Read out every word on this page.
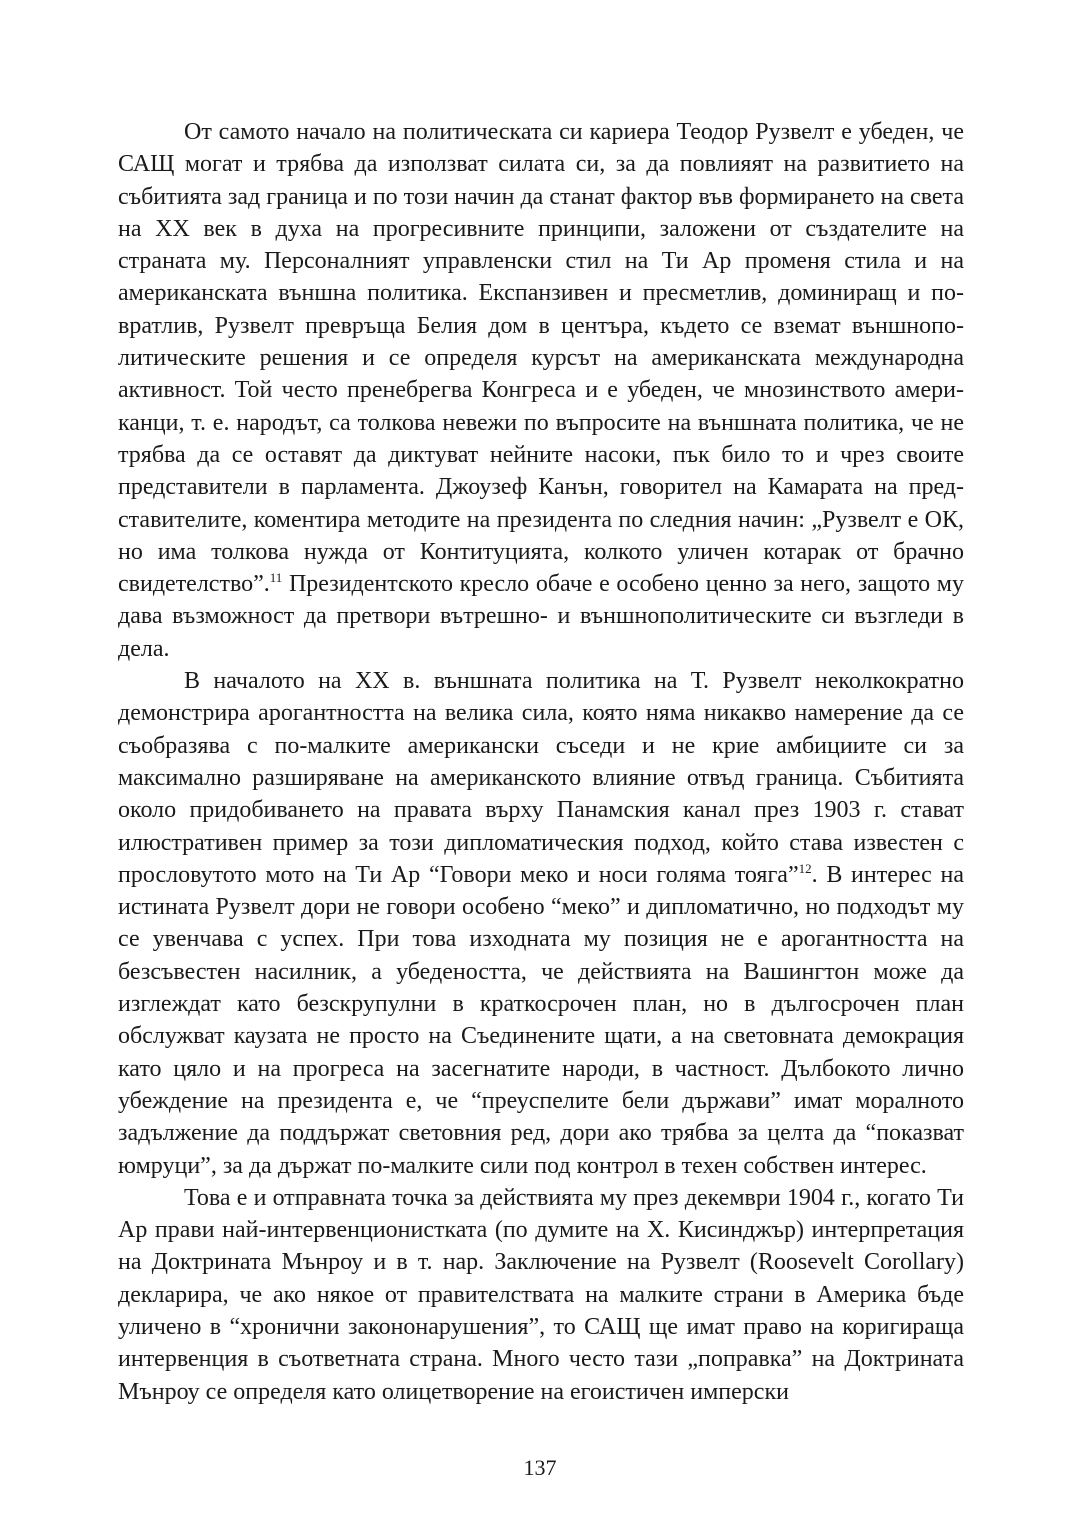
От самото начало на политическата си кариера Теодор Рузвелт е убеден, че САЩ могат и трябва да използват силата си, за да повлияят на развитието на събитията зад граница и по този начин да станат фактор във формирането на света на XX век в духа на прогресивните принципи, заложени от създателите на страната му. Персоналният управленски стил на Ти Ар променя стила и на американската външна политика. Експанзивен и пресметлив, доминиращ и повратлив, Рузвелт превръща Белия дом в центъра, където се вземат външнополитическите решения и се определя курсът на американската международна активност. Той често пренебрегва Конгреса и е убеден, че мнозинството американци, т. е. народът, са толкова невежи по въпросите на външната политика, че не трябва да се оставят да диктуват нейните насоки, пък било то и чрез своите представители в парламента. Джоузеф Канън, говорител на Камарата на представителите, коментира методите на президента по следния начин: „Рузвелт е ОК, но има толкова нужда от Контитуцията, колкото уличен котарак от брачно свидетелство”.$^{11}$ Президентското кресло обаче е особено ценно за него, защото му дава възможност да претвори вътрешно- и външнополитическите си възгледи в дела.

В началото на XX в. външната политика на Т. Рузвелт неколкократно демонстрира арогантността на велика сила, която няма никакво намерение да се съобразява с по-малките американски съседи и не крие амбициите си за максимално разширяване на американското влияние отвъд граница. Събитията около придобиването на правата върху Панамския канал през 1903 г. стават илюстративен пример за този дипломатическия подход, който става известен с прословутото мото на Ти Ар “Говори меко и носи голяма тояга”$^{12}$. В интерес на истината Рузвелт дори не говори особено “меко” и дипломатично, но подходът му се увенчава с успех. При това изходната му позиция не е арогантността на безсъвестен насилник, а убедеността, че действията на Вашингтон може да изглеждат като безскрупулни в краткосрочен план, но в дългосрочен план обслужват каузата не просто на Съединените щати, а на световната демокрация като цяло и на прогреса на засегнатите народи, в частност. Дълбокото лично убеждение на президента е, че “преуспелите бели държави” имат моралното задължение да поддържат световния ред, дори ако трябва за целта да “показват юмруци”, за да държат по-малките сили под контрол в техен собствен интерес.

Това е и отправната точка за действията му през декември 1904 г., когато Ти Ар прави най-интервенционистката (по думите на Х. Кисинджър) интерпретация на Доктрината Мънроу и в т. нар. Заключение на Рузвелт (Roosevelt Corollary) декларира, че ако някое от правителствата на малките страни в Америка бъде уличено в “хронични закононарушения”, то САЩ ще имат право на коригираща интервенция в съответната страна. Много често тази „поправка” на Доктрината Мънроу се определя като олицетворение на егоистичен имперски

137
